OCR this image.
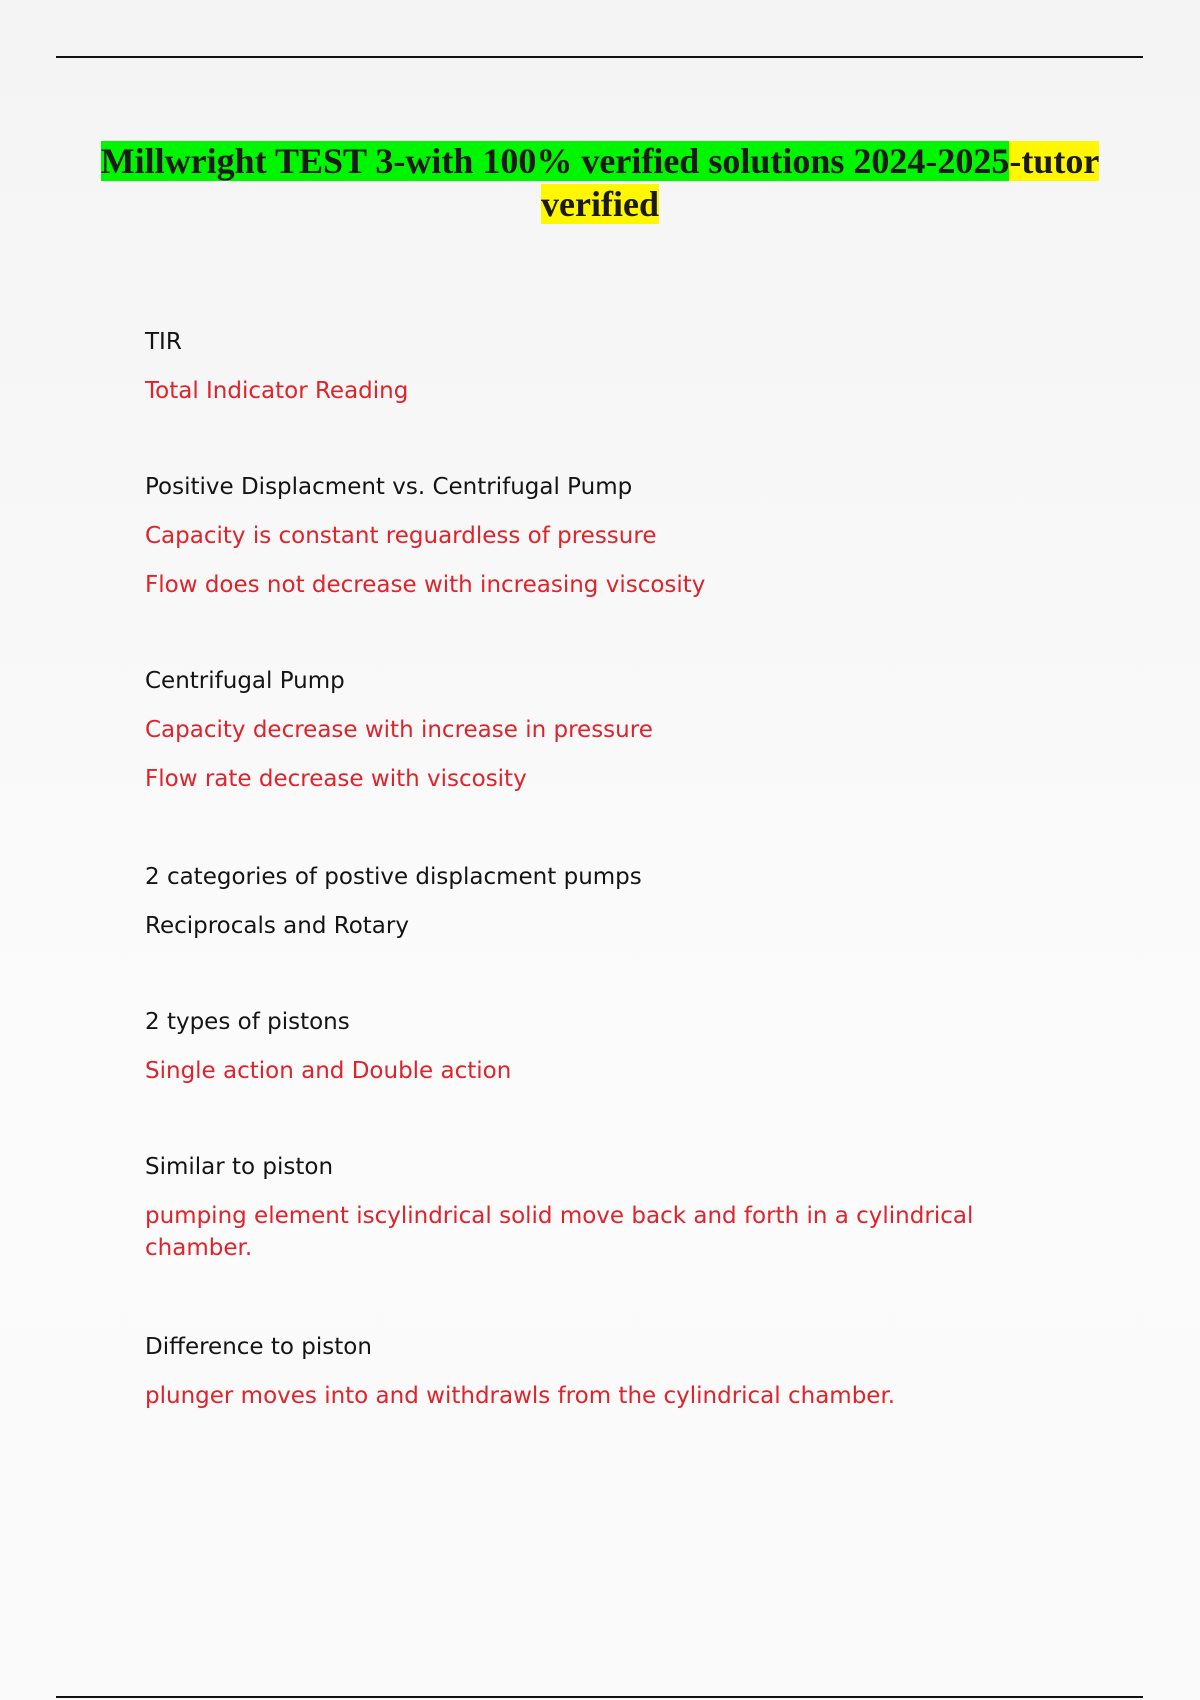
Millwright TEST 3-with 100% verified solutions 2024-2025-tutor verified
TIR
Total Indicator Reading
Positive Displacment vs. Centrifugal Pump
Capacity is constant reguardless of pressure
Flow does not decrease with increasing viscosity
Centrifugal Pump
Capacity decrease with increase in pressure
Flow rate decrease with viscosity
2 categories of postive displacment pumps
Reciprocals and Rotary
2 types of pistons
Single action and Double action
Similar to piston
pumping element iscylindrical solid move back and forth in a cylindrical chamber.
Difference to piston
plunger moves into and withdrawls from the cylindrical chamber.
